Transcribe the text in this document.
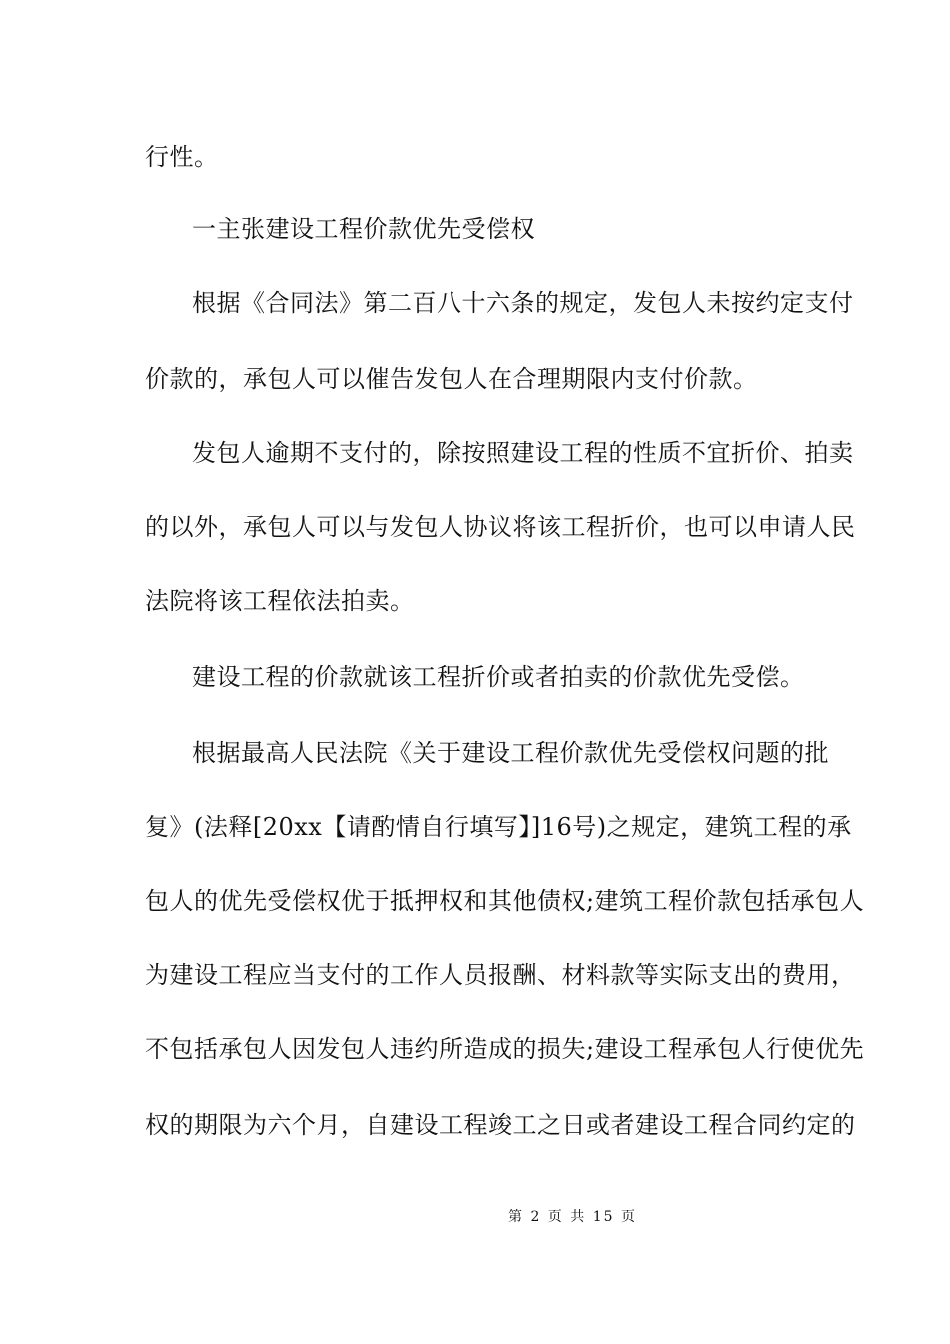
行性。
一主张建设工程价款优先受偿权
根据《合同法》第二百八十六条的规定，发包人未按约定支付
价款的，承包人可以催告发包人在合理期限内支付价款。
发包人逾期不支付的，除按照建设工程的性质不宜折价、拍卖
的以外，承包人可以与发包人协议将该工程折价，也可以申请人民
法院将该工程依法拍卖。
建设工程的价款就该工程折价或者拍卖的价款优先受偿。
根据最高人民法院《关于建设工程价款优先受偿权问题的批
复》(法释[20xx【请酌情自行填写】]16号)之规定，建筑工程的承
包人的优先受偿权优于抵押权和其他债权;建筑工程价款包括承包人
为建设工程应当支付的工作人员报酬、材料款等实际支出的费用，
不包括承包人因发包人违约所造成的损失;建设工程承包人行使优先
权的期限为六个月，自建设工程竣工之日或者建设工程合同约定的
第 2 页 共 15 页
